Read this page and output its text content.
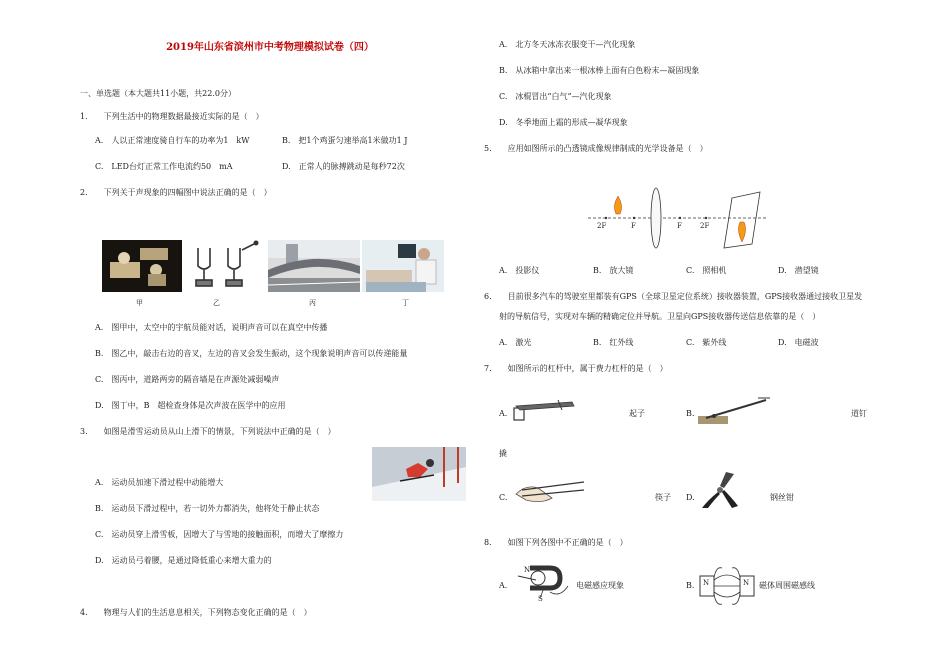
2019年山东省滨州市中考物理模拟试卷（四）
一、单选题（本大题共11小题，共22.0分）
1.　　下列生活中的物理数据最接近实际的是（　）
A.　人以正常速度骑自行车的功率为1　kW	B.　把1个鸡蛋匀速举高1米做功1 J
C.　LED台灯正常工作电流约50　mA	D.　正常人的脉搏跳动是每秒72次
2.　　下列关于声现象的四幅图中说法正确的是（　）
甲	乙	丙	丁
A.　图甲中，太空中的宇航员能对话，说明声音可以在真空中传播
B.　图乙中，敲击右边的音叉，左边的音叉会发生振动，这个现象说明声音可以传递能量
C.　图丙中，道路两旁的隔音墙是在声源处减弱噪声
D.　图丁中，B　超检查身体是次声波在医学中的应用
3.　　如图是滑雪运动员从山上滑下的情景，下列说法中正确的是（　）
A.　运动员加速下滑过程中动能增大
B.　运动员下滑过程中，若一切外力都消失，他将处于静止状态
C.　运动员穿上滑雪板，因增大了与雪地的接触面积，而增大了摩擦力
D.　运动员弓着腰，是通过降低重心来增大重力的
4.　　物理与人们的生活息息相关，下列物态变化正确的是（　）
A.　北方冬天冰冻衣服变干—汽化现象
B.　从冰箱中拿出来一根冰棒上面有白色粉末—凝固现象
C.　冰棍冒出“白气”—汽化现象
D.　冬季地面上霜的形成—凝华现象
5.　　应用如图所示的凸透镜成像规律制成的光学设备是（　）
2F	F	F	2F
A.　投影仪	B.　放大镜	C.　照相机	D.　潜望镜
6.　　目前很多汽车的驾驶室里都装有GPS（全球卫星定位系统）接收器装置，GPS接收器通过接收卫星发
射的导航信号，实现对车辆的精确定位并导航。卫星向GPS接收器传送信息依靠的是（　）
A.　激光	B.　红外线	C.　紫外线	D.　电磁波
7.　　如图所示的杠杆中，属于费力杠杆的是（　）
A.	起子	B.	道钉
撬
C.	筷子 D.	钢丝钳
8.　　如图下列各图中不正确的是（　）
A.
N
S
电磁感应现象	B. N	N 磁体周围磁感线
